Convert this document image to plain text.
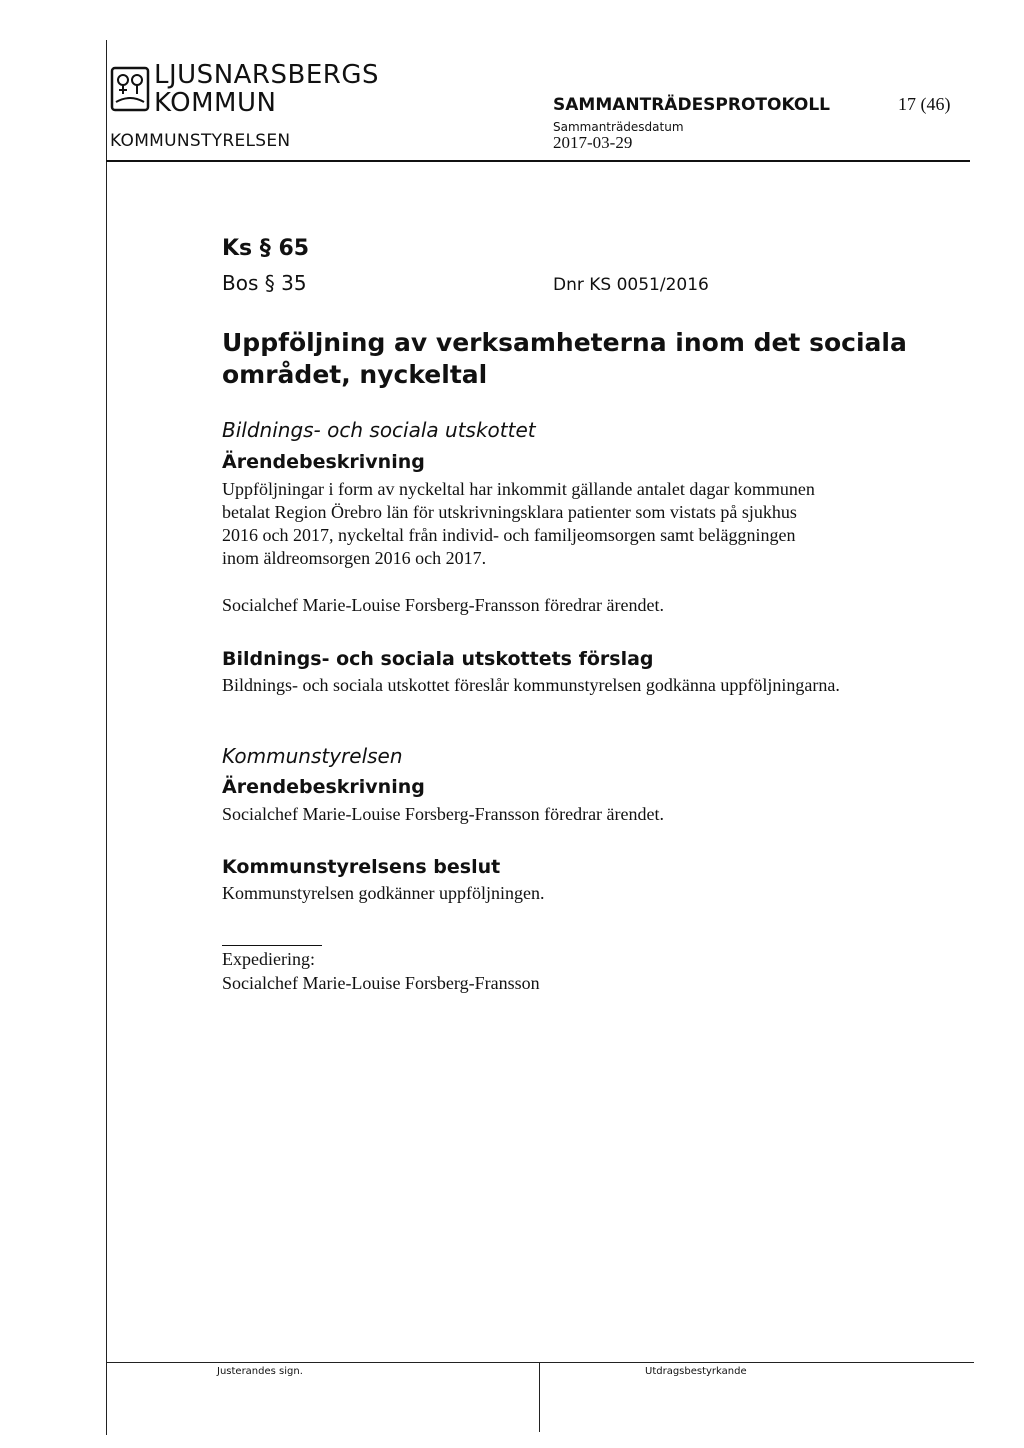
LJUSNARSBERGS
KOMMUN
KOMMUNSTYRELSEN
SAMMANTRÄDESPROTOKOLL	17 (46)
Sammanträdesdatum
2017-03-29
Ks § 65
Bos § 35	Dnr KS 0051/2016
Uppföljning av verksamheterna inom det sociala området, nyckeltal
Bildnings- och sociala utskottet
Ärendebeskrivning
Uppföljningar i form av nyckeltal har inkommit gällande antalet dagar kommunen
betalat Region Örebro län för utskrivningsklara patienter som vistats på sjukhus
2016 och 2017, nyckeltal från individ- och familjeomsorgen samt beläggningen
inom äldreomsorgen 2016 och 2017.
Socialchef Marie-Louise Forsberg-Fransson föredrar ärendet.
Bildnings- och sociala utskottets förslag
Bildnings- och sociala utskottet föreslår kommunstyrelsen godkänna uppföljningarna.
Kommunstyrelsen
Ärendebeskrivning
Socialchef Marie-Louise Forsberg-Fransson föredrar ärendet.
Kommunstyrelsens beslut
Kommunstyrelsen godkänner uppföljningen.
Expediering:
Socialchef Marie-Louise Forsberg-Fransson
Justerandes sign.	Utdragsbestyrkande
